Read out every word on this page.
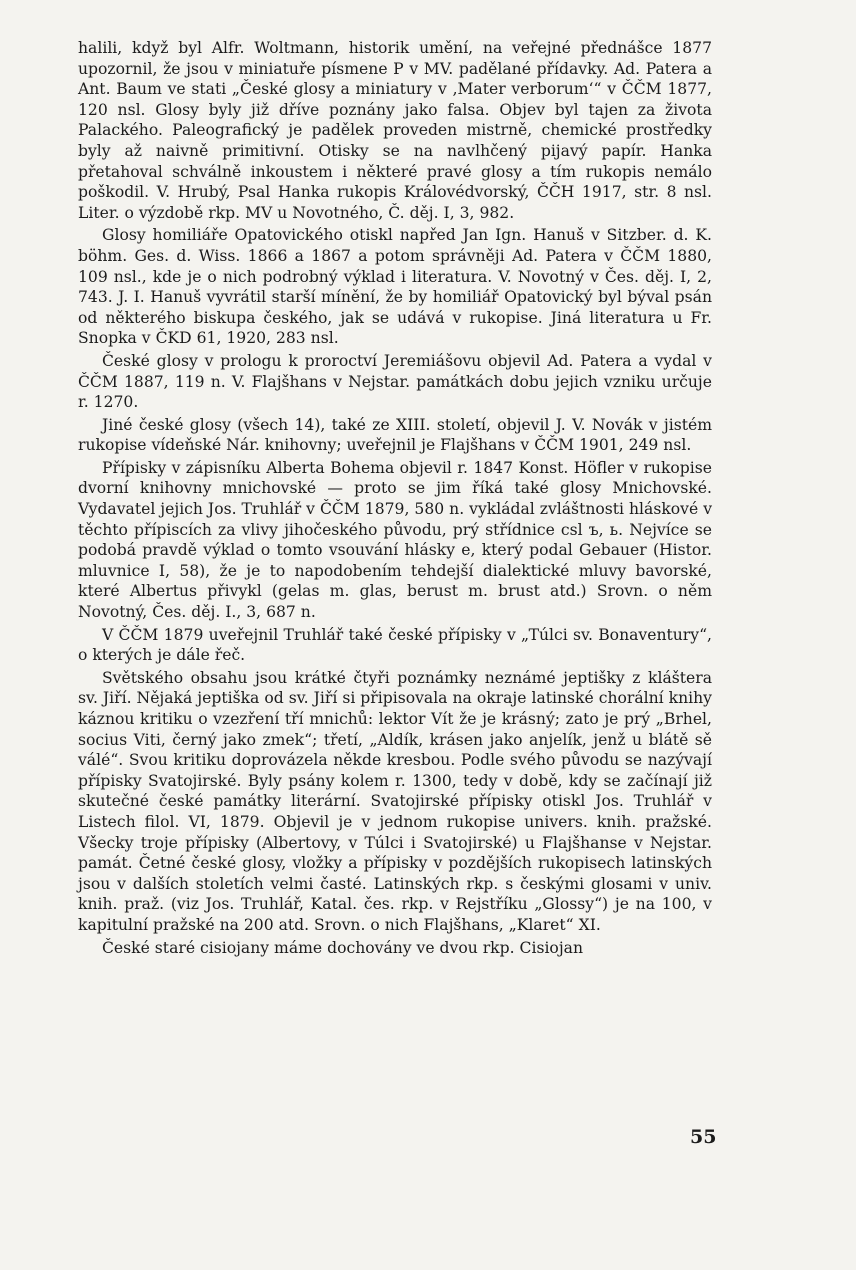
halili, když byl Alfr. Woltmann, historik umění, na veřejné přednášce 1877 upozornil, že jsou v miniatuře písmene P v MV. padělané přídavky. Ad. Patera a Ant. Baum ve stati „České glosy a miniatury v ‚Mater verborum‘“ v ČČM 1877, 120 nsl. Glosy byly již dříve poznány jako falsa. Objev byl tajen za života Palackého. Paleografický je padělek proveden mistrně, chemické prostředky byly až naivně primitivní. Otisky se na navlhčený pijavý papír. Hanka přetahoval schválně inkoustem i některé pravé glosy a tím rukopis nemálo poškodil. V. Hrubý, Psal Hanka rukopis Královédvorský, ČČH 1917, str. 8 nsl. Liter. o výzdobě rkp. MV u Novotného, Č. děj. I, 3, 982.

Glosy homiliáře Opatovického otiskl napřed Jan Ign. Hanuš v Sitzber. d. K. böhm. Ges. d. Wiss. 1866 a 1867 a potom správněji Ad. Patera v ČČM 1880, 109 nsl., kde je o nich podrobný výklad i literatura. V. Novotný v Čes. děj. I, 2, 743. J. I. Hanuš vyvrátil starší mínění, že by homiliář Opatovický byl býval psán od některého biskupa českého, jak se udává v rukopise. Jiná literatura u Fr. Snopka v ČKD 61, 1920, 283 nsl.

České glosy v prologu k proroctví Jeremiášovu objevil Ad. Patera a vydal v ČČM 1887, 119 n. V. Flajšhans v Nejstar. památkách dobu jejich vzniku určuje r. 1270.

Jiné české glosy (všech 14), také ze XIII. století, objevil J. V. Novák v jistém rukopise vídeňské Nár. knihovny; uveřejnil je Flajšhans v ČČM 1901, 249 nsl.

Přípisky v zápisníku Alberta Bohema objevil r. 1847 Konst. Höfler v rukopise dvorní knihovny mnichovské — proto se jim říká také glosy Mnichovské. Vydavatel jejich Jos. Truhlář v ČČM 1879, 580 n. vykládal zvláštnosti hláskové v těchto přípiscích za vlivy jihočeského původu, prý střídnice csl ъ, ь. Nejvíce se podobá pravdě výklad o tomto vsouvání hlásky e, který podal Gebauer (Histor. mluvnice I, 58), že je to napodobením tehdejší dialektické mluvy bavorské, které Albertus přivykl (gelas m. glas, berust m. brust atd.) Srovn. o něm Novotný, Čes. děj. I., 3, 687 n.

V ČČM 1879 uveřejnil Truhlář také české přípisky v „Túlci sv. Bonaventury“, o kterých je dále řeč.

Světského obsahu jsou krátké čtyři poznámky neznámé jeptišky z kláštera sv. Jiří. Nějaká jeptiška od sv. Jiří si připisovala na okraje latinské chorální knihy káznou kritiku o vzezření tří mnichů: lektor Vít že je krásný; zato je prý „Brhel, socius Viti, černý jako zmek“; třetí, „Aldík, krásen jako anjelík, jenž u blátě sě válé“. Svou kritiku doprovázela někde kresbou. Podle svého původu se nazývají přípisky Svatojirské. Byly psány kolem r. 1300, tedy v době, kdy se začínají již skutečné české památky literární. Svatojirské přípisky otiskl Jos. Truhlář v Listech filol. VI, 1879. Objevil je v jednom rukopise univers. knih. pražské. Všecky troje přípisky (Albertovy, v Túlci i Svatojirské) u Flajšhanse v Nejstar. památ. Četné české glosy, vložky a přípisky v pozdějších rukopisech latinských jsou v dalších stoletích velmi časté. Latinských rkp. s českými glosami v univ. knih. praž. (viz Jos. Truhlář, Katal. čes. rkp. v Rejstříku „Glossy“) je na 100, v kapitulní pražské na 200 atd. Srovn. o nich Flajšhans, „Klaret“ XI.

České staré cisiojany máme dochovány ve dvou rkp. Cisiojan

55
